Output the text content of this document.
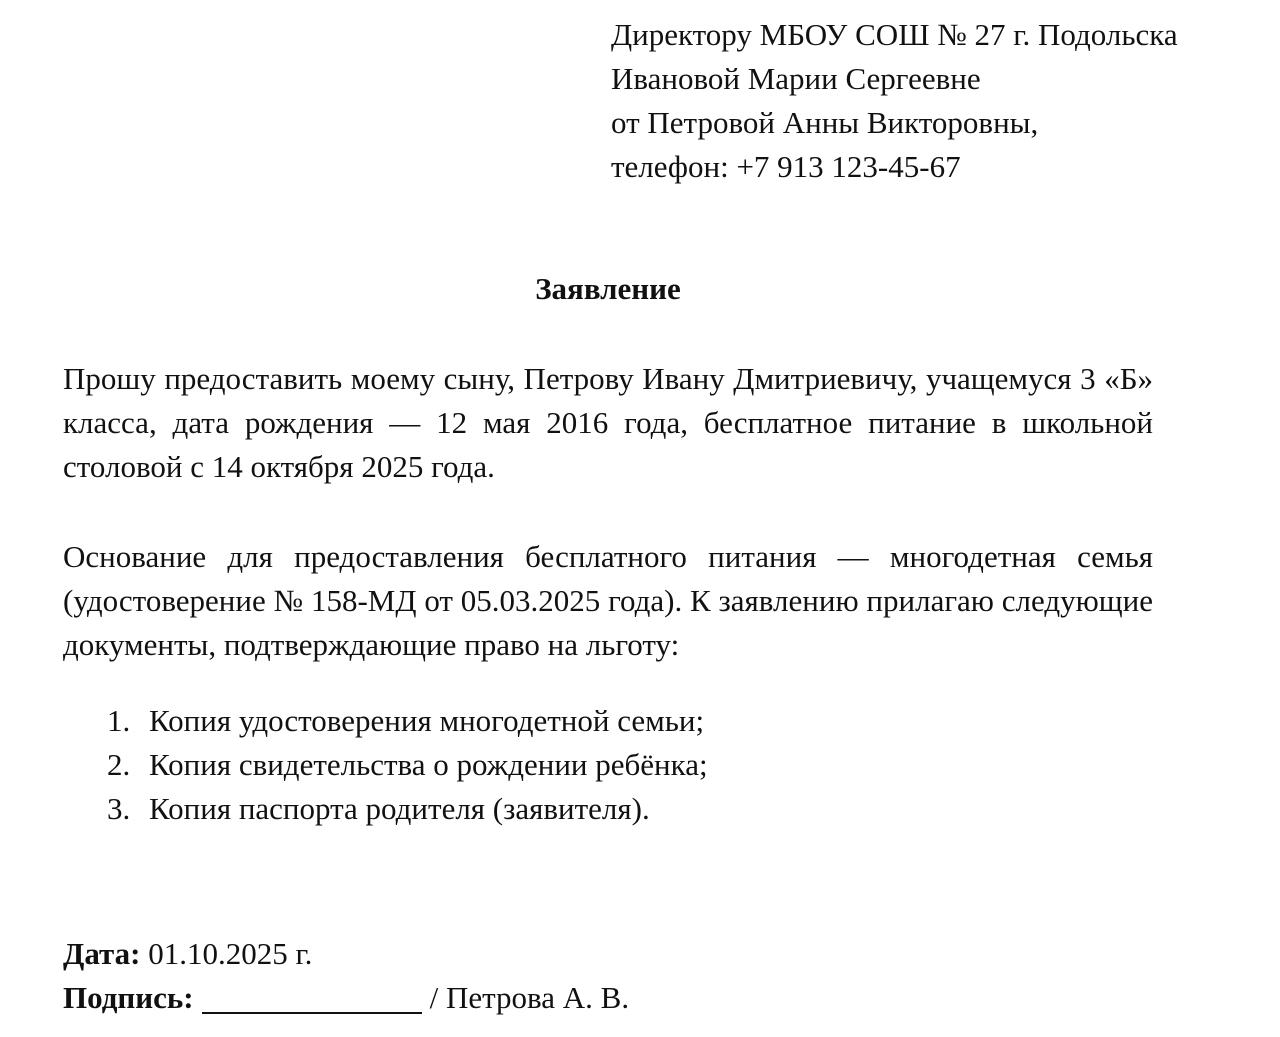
Директору МБОУ СОШ № 27 г. Подольска
Ивановой Марии Сергеевне
от Петровой Анны Викторовны,
телефон: +7 913 123-45-67
Заявление

Прошу предоставить моему сыну, Петрову Ивану Дмитриевичу, учащемуся 3 «Б» класса, дата рождения — 12 мая 2016 года, бесплатное питание в школьной столовой с 14 октября 2025 года.

Основание для предоставления бесплатного питания — многодетная семья (удостоверение № 158-МД от 05.03.2025 года). К заявлению прилагаю следующие документы, подтверждающие право на льготу:

1. Копия удостоверения многодетной семьи;
2. Копия свидетельства о рождении ребёнка;
3. Копия паспорта родителя (заявителя).
Дата: 01.10.2025 г.
Подпись:	/ Петрова А. В.
